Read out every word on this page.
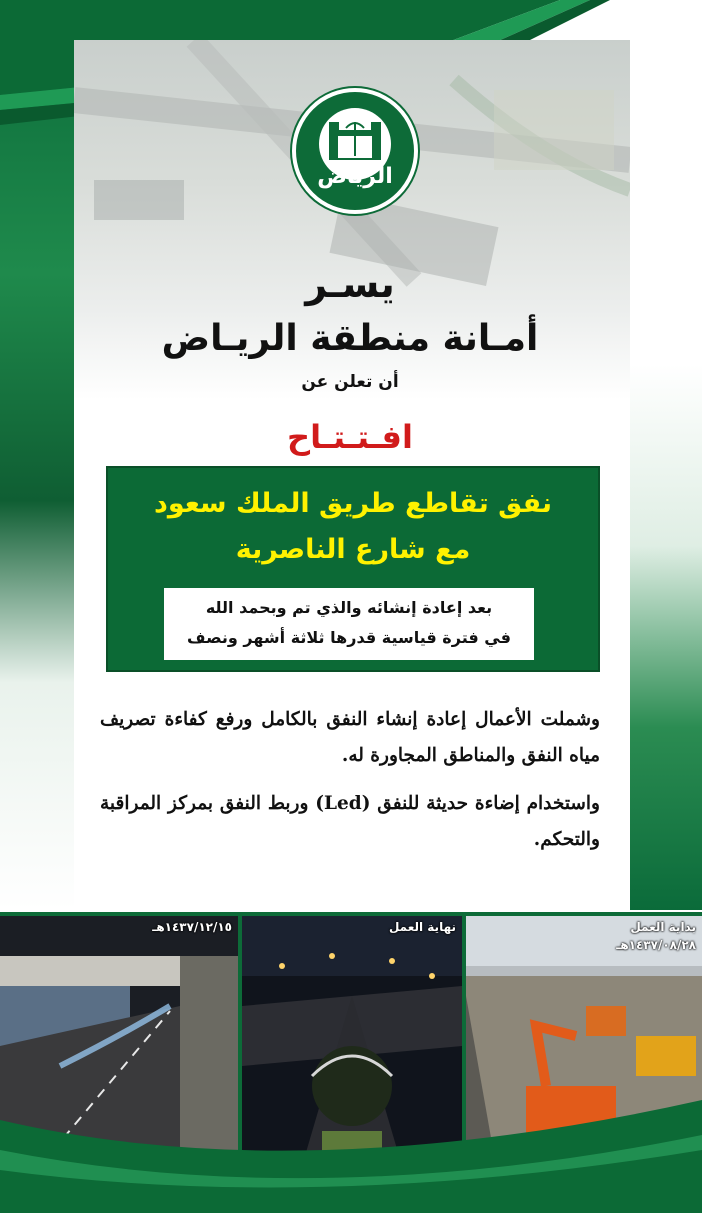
الرياض
يسـر
أمـانة منطقة الريـاض
أن تعلن عن
افـتـتـاح
نفق تقاطع طريق الملك سعود
مع شارع الناصرية
بعد إعادة إنشائه والذي تم وبحمد الله
في فترة قياسية قدرها ثلاثة أشهر ونصف
وشملت الأعمال إعادة إنشاء النفق بالكامل ورفع كفاءة تصريف مياه النفق والمناطق المجاورة له.
واستخدام إضاءة حديثة للنفق (Led) وربط النفق بمركز المراقبة والتحكم.
١٤٣٧/١٢/١٥هـ	نهاية العمل	بداية العمل
١٤٣٧/٠٨/٢٨هـ
